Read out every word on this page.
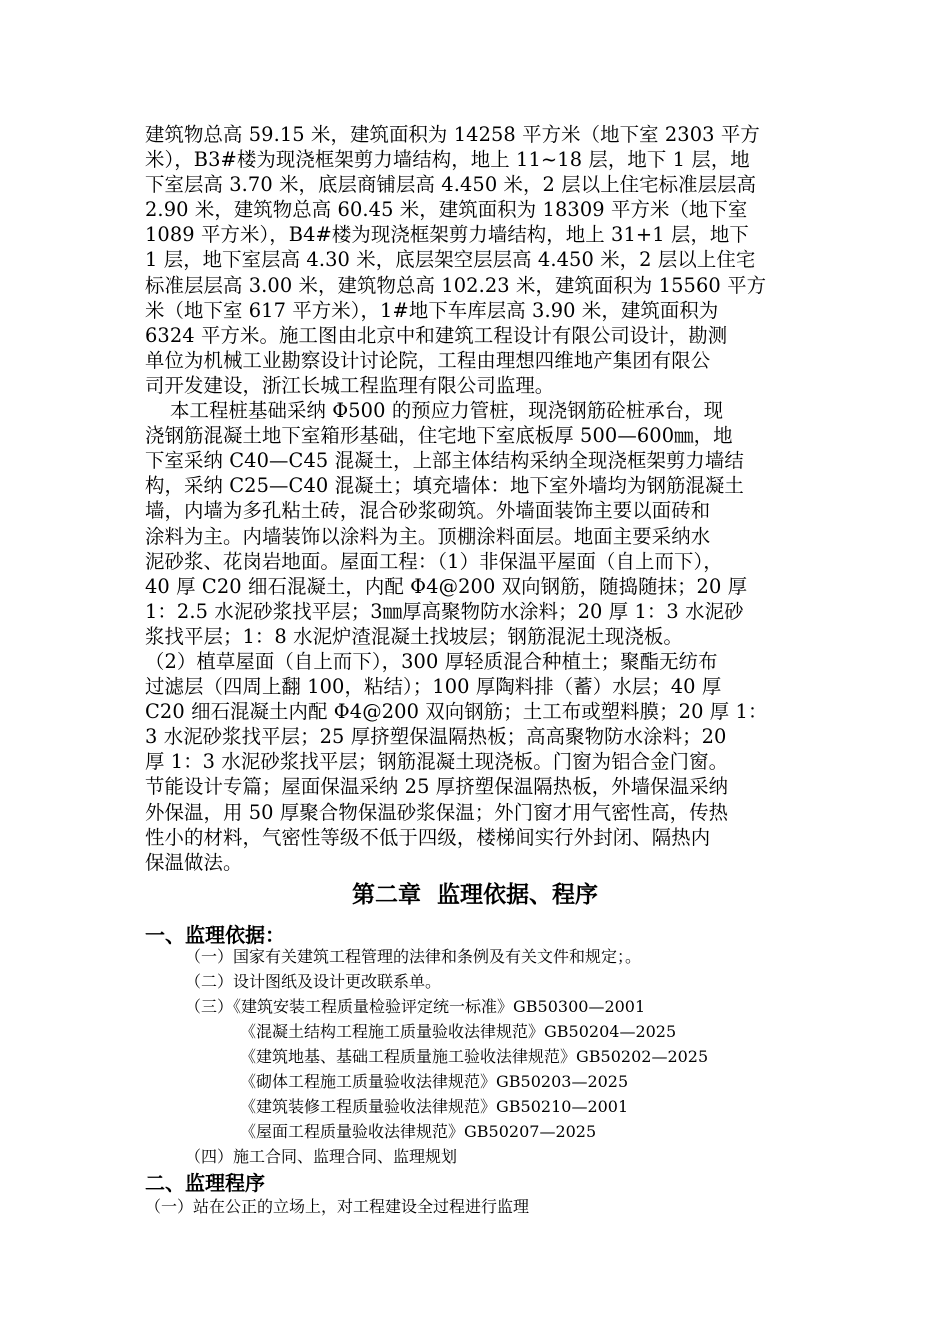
建筑物总高 59.15 米，建筑面积为 14258 平方米（地下室 2303 平方
米），B3#楼为现浇框架剪力墙结构，地上 11~18 层，地下 1 层，地
下室层高 3.70 米，底层商铺层高 4.450 米，2 层以上住宅标准层层高
2.90 米，建筑物总高 60.45 米，建筑面积为 18309 平方米（地下室
1089 平方米），B4#楼为现浇框架剪力墙结构，地上 31+1 层，地下
1 层，地下室层高 4.30 米，底层架空层层高 4.450 米，2 层以上住宅
标准层层高 3.00 米，建筑物总高 102.23 米，建筑面积为 15560 平方
米（地下室 617 平方米），1#地下车库层高 3.90 米，建筑面积为
6324 平方米。施工图由北京中和建筑工程设计有限公司设计，勘测
单位为机械工业勘察设计讨论院，工程由理想四维地产集团有限公
司开发建设，浙江长城工程监理有限公司监理。
本工程桩基础采纳 Φ500 的预应力管桩，现浇钢筋砼桩承台，现
浇钢筋混凝土地下室箱形基础，住宅地下室底板厚 500—600㎜，地
下室采纳 C40—C45 混凝土，上部主体结构采纳全现浇框架剪力墙结
构，采纳 C25—C40 混凝土；填充墙体：地下室外墙均为钢筋混凝土
墙，内墙为多孔粘土砖，混合砂浆砌筑。外墙面装饰主要以面砖和
涂料为主。内墙装饰以涂料为主。顶棚涂料面层。地面主要采纳水
泥砂浆、花岗岩地面。屋面工程：（1）非保温平屋面（自上而下），
40 厚 C20 细石混凝土，内配 Φ4@200 双向钢筋，随捣随抹；20 厚
1：2.5 水泥砂浆找平层；3㎜厚高聚物防水涂料；20 厚 1：3 水泥砂
浆找平层；1：8 水泥炉渣混凝土找坡层；钢筋混泥土现浇板。
（2）植草屋面（自上而下），300 厚轻质混合种植土；聚酯无纺布
过滤层（四周上翻 100，粘结）；100 厚陶料排（蓄）水层；40 厚
C20 细石混凝土内配 Φ4@200 双向钢筋；土工布或塑料膜；20 厚 1：
3 水泥砂浆找平层；25 厚挤塑保温隔热板；高高聚物防水涂料；20
厚 1：3 水泥砂浆找平层；钢筋混凝土现浇板。门窗为铝合金门窗。
节能设计专篇；屋面保温采纳 25 厚挤塑保温隔热板，外墙保温采纳
外保温，用 50 厚聚合物保温砂浆保温；外门窗才用气密性高，传热
性小的材料，气密性等级不低于四级，楼梯间实行外封闭、隔热内
保温做法。
第二章  监理依据、程序
一、监理依据：
（一）国家有关建筑工程管理的法律和条例及有关文件和规定；。
（二）设计图纸及设计更改联系单。
（三）《建筑安装工程质量检验评定统一标准》GB50300—2001
《混凝土结构工程施工质量验收法律规范》GB50204—2025
《建筑地基、基础工程质量施工验收法律规范》GB50202—2025
《砌体工程施工质量验收法律规范》GB50203—2025
《建筑装修工程质量验收法律规范》GB50210—2001
《屋面工程质量验收法律规范》GB50207—2025
（四）施工合同、监理合同、监理规划
二、监理程序
（一）站在公正的立场上，对工程建设全过程进行监理
